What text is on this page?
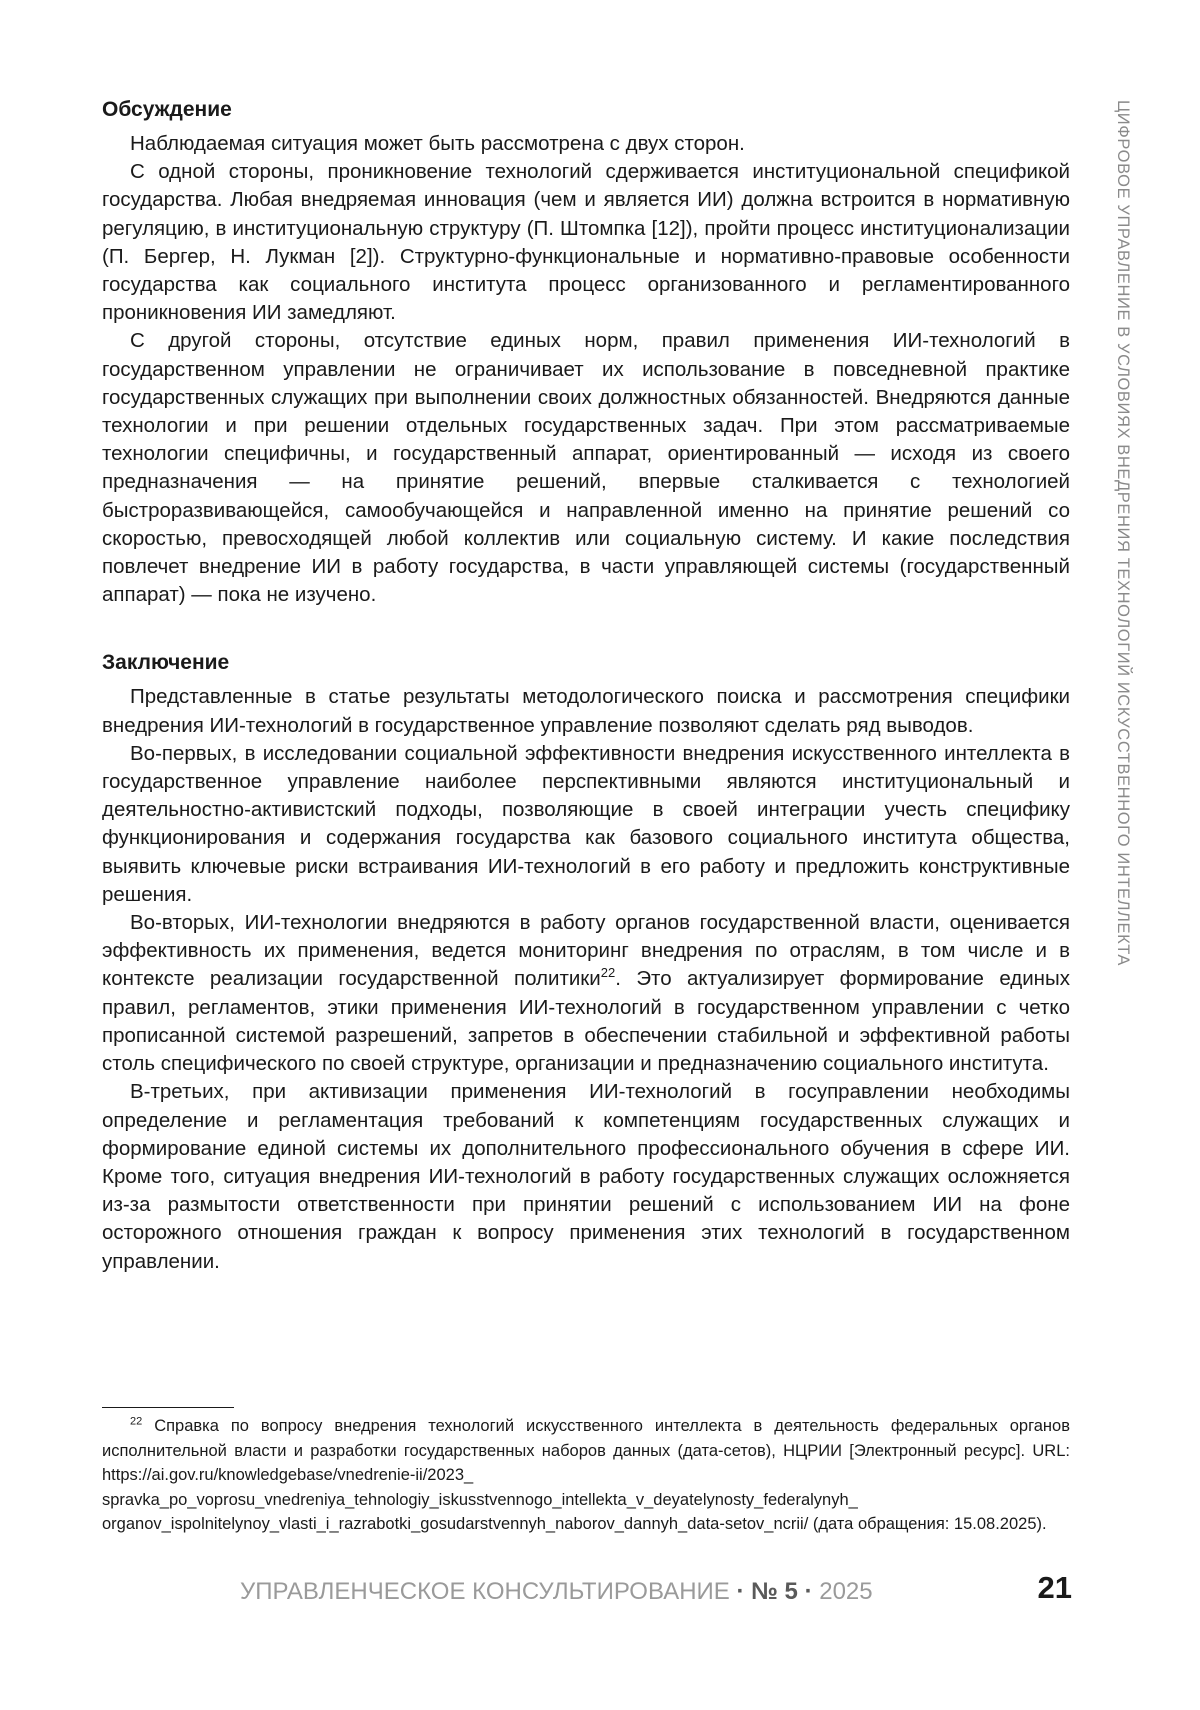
ЦИФРОВОЕ УПРАВЛЕНИЕ В УСЛОВИЯХ ВНЕДРЕНИЯ ТЕХНОЛОГИЙ ИСКУССТВЕННОГО ИНТЕЛЛЕКТА
Обсуждение

Наблюдаемая ситуация может быть рассмотрена с двух сторон.

С одной стороны, проникновение технологий сдерживается институциональной спецификой государства. Любая внедряемая инновация (чем и является ИИ) должна встроится в нормативную регуляцию, в институциональную структуру (П. Штомпка [12]), пройти процесс институционализации (П. Бергер, Н. Лукман [2]). Структурно-функцио­нальные и нормативно-правовые особенности государства как социального института процесс организованного и регламентированного проникновения ИИ замедляют.

С другой стороны, отсутствие единых норм, правил применения ИИ-технологий в государственном управлении не ограничивает их использование в повседневной практике государственных служащих при выполнении своих должностных обязан­ностей. Внедряются данные технологии и при решении отдельных государственных задач. При этом рассматриваемые технологии специфичны, и государственный аппа­рат, ориентированный — исходя из своего предназначения — на принятие решений, впервые сталкивается с технологией быстроразвивающейся, самообучающейся и направленной именно на принятие решений со скоростью, превосходящей любой коллектив или социальную систему. И какие последствия повлечет внедрение ИИ в работу государства, в части управляющей системы (государственный аппарат) — пока не изучено.

Заключение

Представленные в статье результаты методологического поиска и рассмотрения специфики внедрения ИИ-технологий в государственное управление позволяют сделать ряд выводов.

Во-первых, в исследовании социальной эффективности внедрения искусственно­го интеллекта в государственное управление наиболее перспективными являются институциональный и деятельностно-активистский подходы, позволяющие в своей интеграции учесть специфику функционирования и содержания государства как базового социального института общества, выявить ключевые риски встраивания ИИ-технологий в его работу и предложить конструктивные решения.

Во-вторых, ИИ-технологии внедряются в работу органов государственной власти, оценивается эффективность их применения, ведется мониторинг внедрения по от­раслям, в том числе и в контексте реализации государственной политики22. Это актуализирует формирование единых правил, регламентов, этики применения ИИ-технологий в государственном управлении с четко прописанной системой разрешений, запретов в обеспечении стабильной и эффективной работы столь специфического по своей структуре, организации и предназначению социального института.

В-третьих, при активизации применения ИИ-технологий в госуправлении необхо­димы определение и регламентация требований к компетенциям государственных служащих и формирование единой системы их дополнительного профессионального обучения в сфере ИИ. Кроме того, ситуация внедрения ИИ-технологий в работу государственных служащих осложняется из-за размытости ответственности при принятии решений с использованием ИИ на фоне осторожного отношения граждан к вопросу применения этих технологий в государственном управлении.

22 Справка по вопросу внедрения технологий искусственного интеллекта в деятельность фе­деральных органов исполнительной власти и разработки государственных наборов данных (да­та-сетов), НЦРИИ [Электронный ресурс]. URL: https://ai.gov.ru/knowledgebase/vnedrenie-ii/2023_ spravka_po_voprosu_vnedreniya_tehnologiy_iskusstvennogo_intellekta_v_deyatelynosty_federalynyh_ organov_ispolnitelynoy_vlasti_i_razrabotki_gosudarstvennyh_naborov_dannyh_data-setov_ncrii/ (дата обращения: 15.08.2025).

УПРАВЛЕНЧЕСКОЕ КОНСУЛЬТИРОВАНИЕ · № 5 · 2025	21
